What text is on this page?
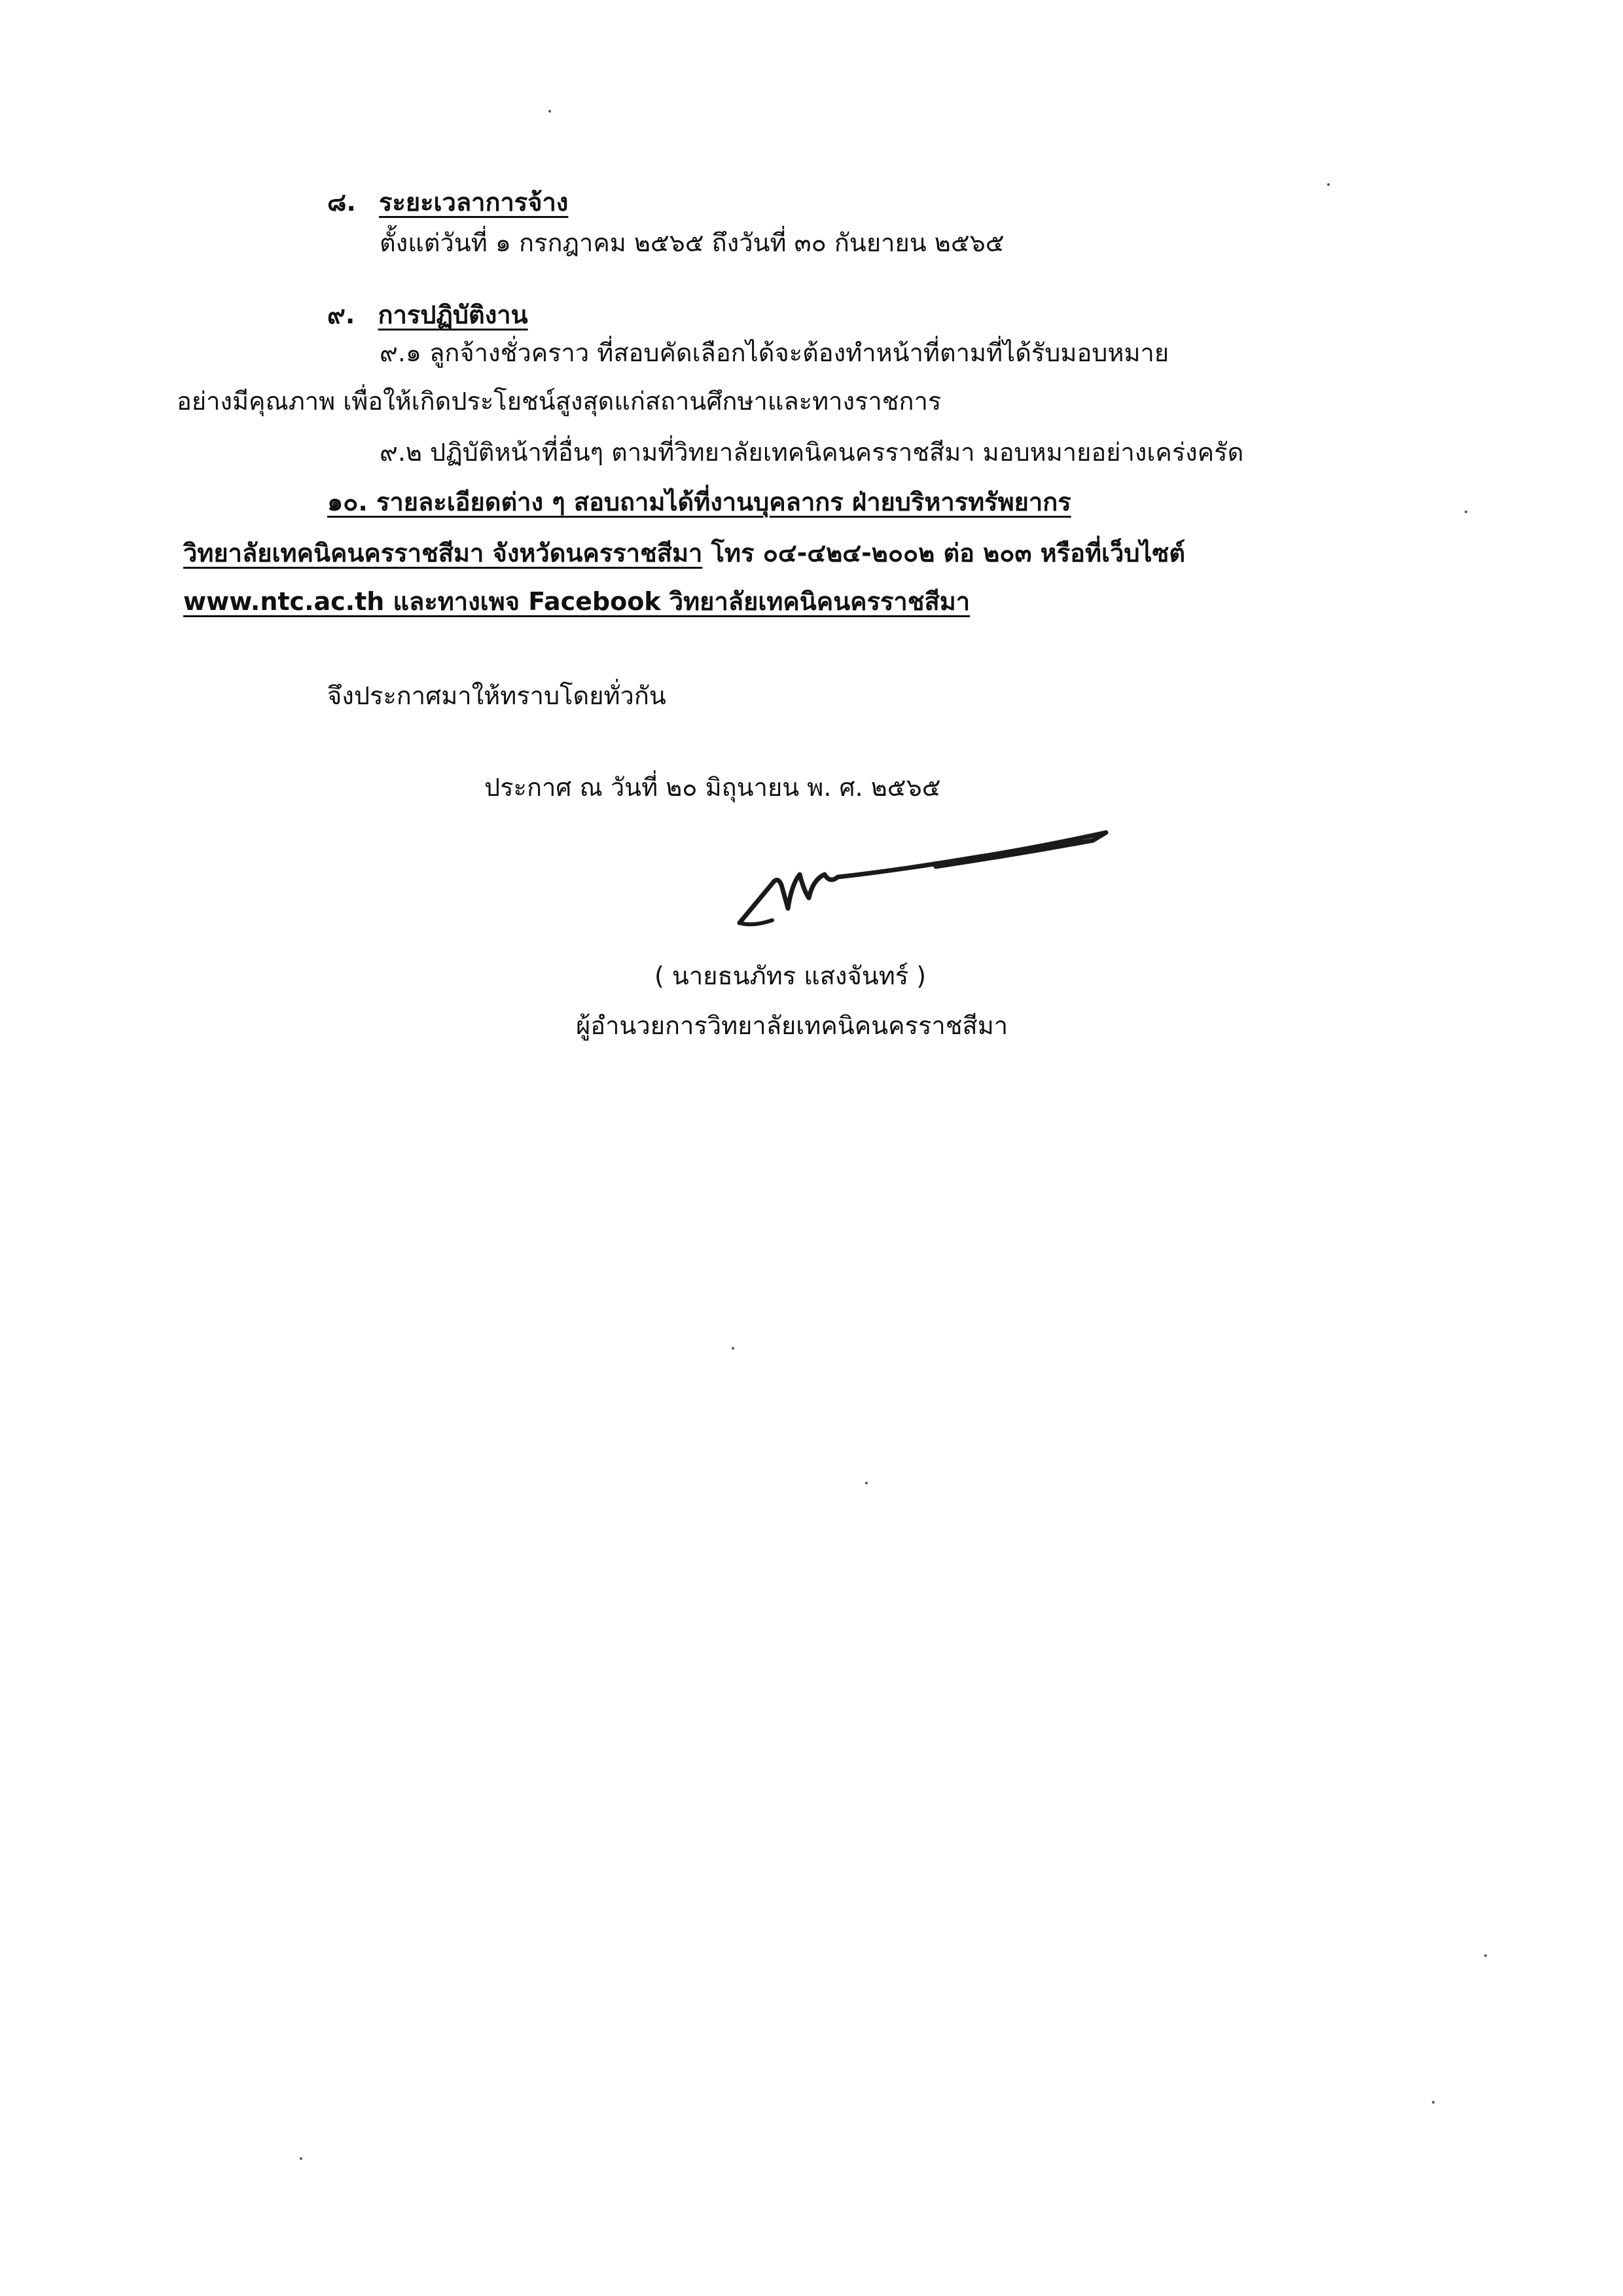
๘. ระยะเวลาการจ้าง
ตั้งแต่วันที่ ๑ กรกฎาคม ๒๕๖๕ ถึงวันที่ ๓๐ กันยายน ๒๕๖๕
๙. การปฏิบัติงาน
๙.๑ ลูกจ้างชั่วคราว ที่สอบคัดเลือกได้จะต้องทำหน้าที่ตามที่ได้รับมอบหมาย
อย่างมีคุณภาพ เพื่อให้เกิดประโยชน์สูงสุดแก่สถานศึกษาและทางราชการ
๙.๒ ปฏิบัติหน้าที่อื่นๆ ตามที่วิทยาลัยเทคนิคนครราชสีมา มอบหมายอย่างเคร่งครัด
๑๐. รายละเอียดต่าง ๆ สอบถามได้ที่งานบุคลากร ฝ่ายบริหารทรัพยากร
วิทยาลัยเทคนิคนครราชสีมา จังหวัดนครราชสีมา โทร ๐๔-๔๒๔-๒๐๐๒ ต่อ ๒๐๓ หรือที่เว็บไซต์
www.ntc.ac.th และทางเพจ Facebook วิทยาลัยเทคนิคนครราชสีมา
จึงประกาศมาให้ทราบโดยทั่วกัน
ประกาศ ณ วันที่ ๒๐ มิถุนายน พ. ศ. ๒๕๖๕
( นายธนภัทร แสงจันทร์ )
ผู้อำนวยการวิทยาลัยเทคนิคนครราชสีมา
